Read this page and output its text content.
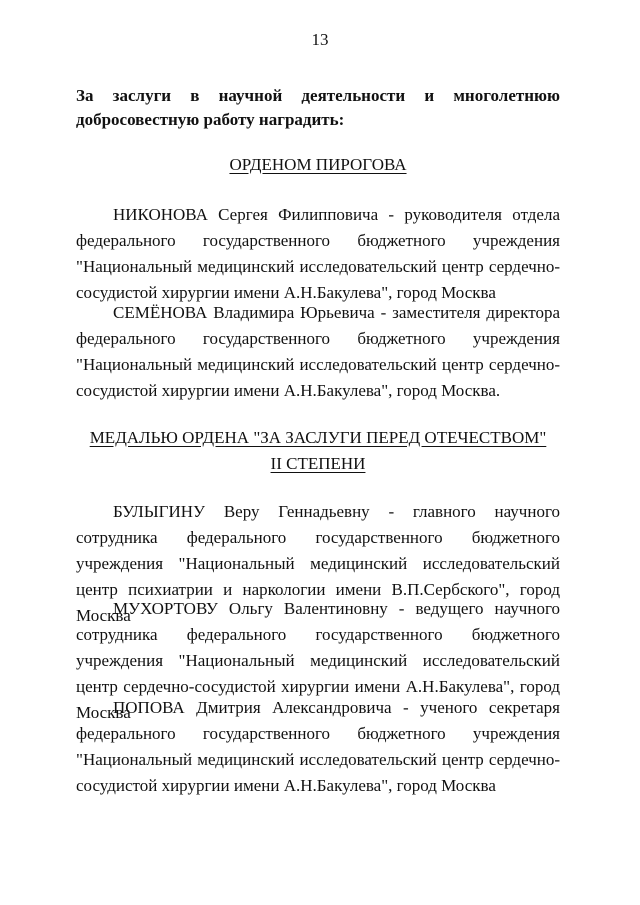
13
За заслуги в научной деятельности и многолетнюю добросовестную работу наградить:
ОРДЕНОМ ПИРОГОВА
НИКОНОВА Сергея Филипповича - руководителя отдела федерального государственного бюджетного учреждения "Национальный медицинский исследовательский центр сердечно-сосудистой хирургии имени А.Н.Бакулева", город Москва
СЕМЁНОВА Владимира Юрьевича - заместителя директора федерального государственного бюджетного учреждения "Национальный медицинский исследовательский центр сердечно-сосудистой хирургии имени А.Н.Бакулева", город Москва.
МЕДАЛЬЮ ОРДЕНА "ЗА ЗАСЛУГИ ПЕРЕД ОТЕЧЕСТВОМ"
II СТЕПЕНИ
БУЛЫГИНУ Веру Геннадьевну - главного научного сотрудника федерального государственного бюджетного учреждения "Национальный медицинский исследовательский центр психиатрии и наркологии имени В.П.Сербского", город Москва
МУХОРТОВУ Ольгу Валентиновну - ведущего научного сотрудника федерального государственного бюджетного учреждения "Национальный медицинский исследовательский центр сердечно-сосудистой хирургии имени А.Н.Бакулева", город Москва
ПОПОВА Дмитрия Александровича - ученого секретаря федерального государственного бюджетного учреждения "Национальный медицинский исследовательский центр сердечно-сосудистой хирургии имени А.Н.Бакулева", город Москва
